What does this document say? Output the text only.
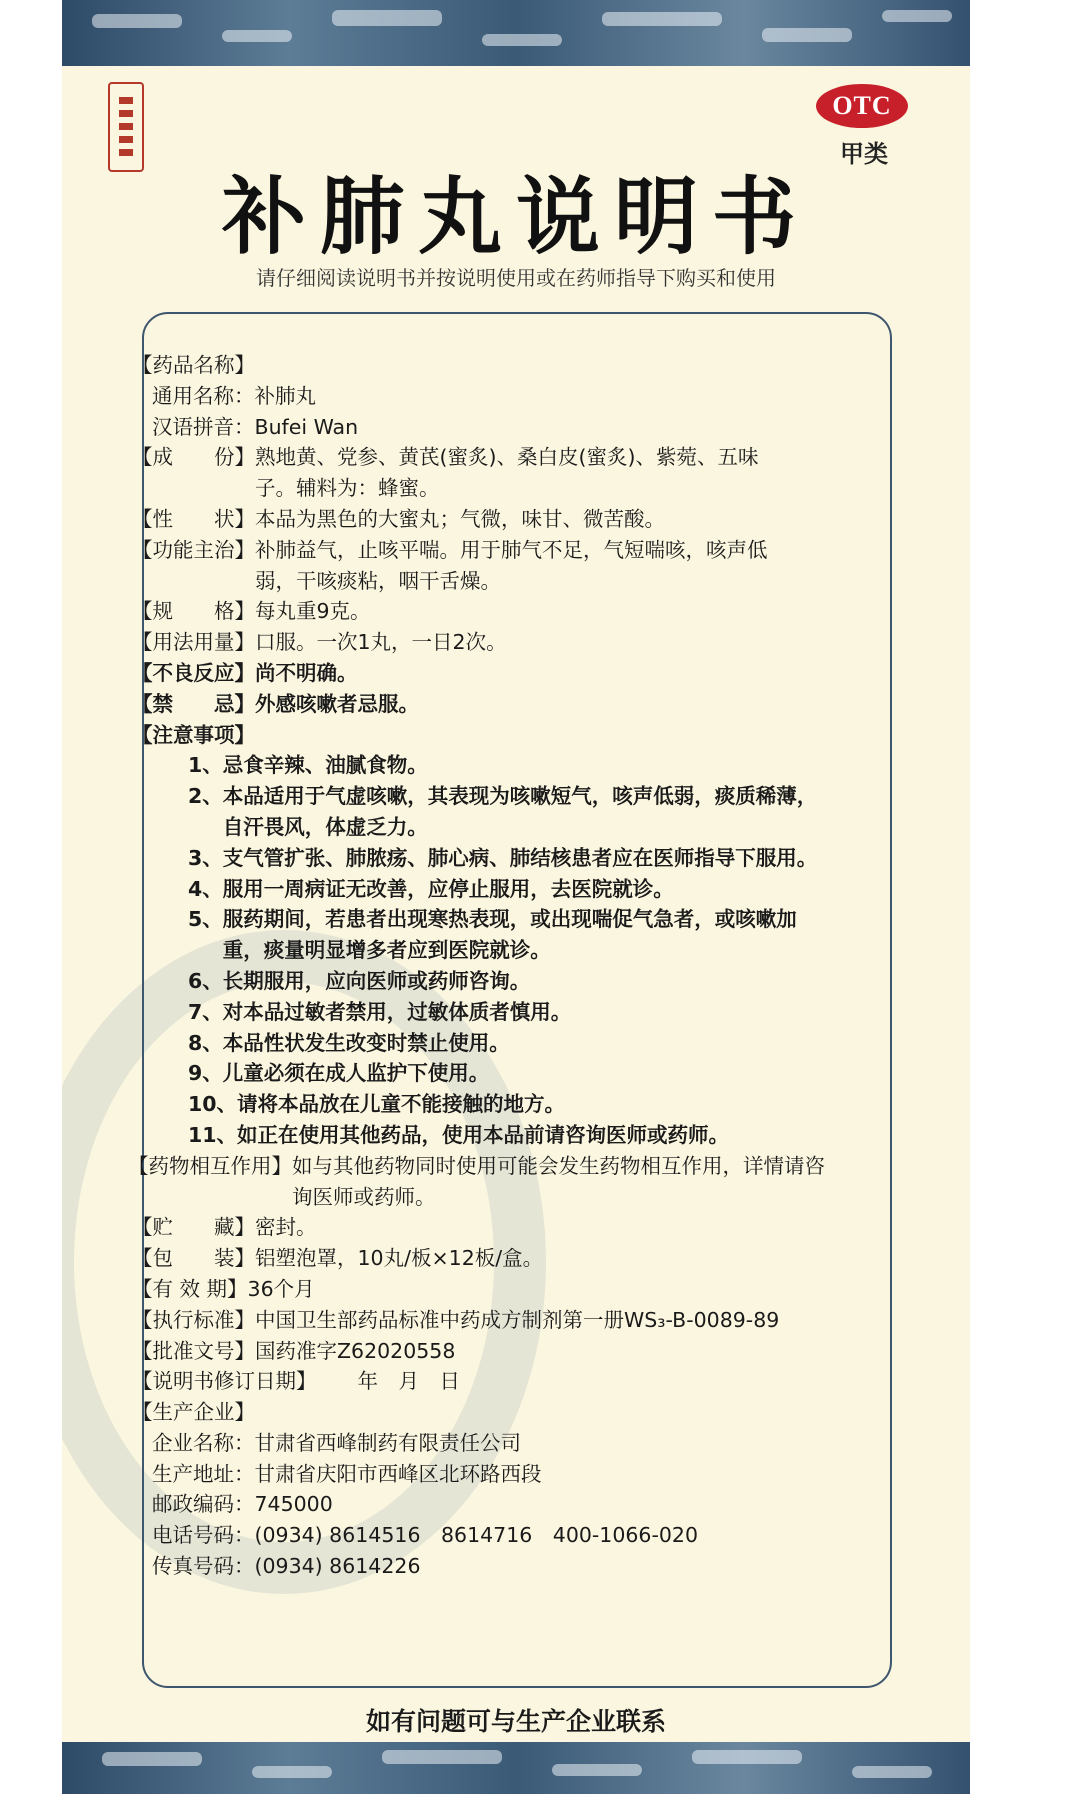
OTC
甲类
补肺丸说明书
请仔细阅读说明书并按说明使用或在药师指导下购买和使用
如有问题可与生产企业联系
【药品名称】
通用名称： 补肺丸
汉语拼音： Bufei Wan
【成　　份】 熟地黄、党参、黄芪(蜜炙)、桑白皮(蜜炙)、紫菀、五味子。辅料为：蜂蜜。
【性　　状】 本品为黑色的大蜜丸；气微，味甘、微苦酸。
【功能主治】 补肺益气，止咳平喘。用于肺气不足，气短喘咳，咳声低弱，干咳痰粘，咽干舌燥。
【规　　格】 每丸重9克。
【用法用量】 口服。一次1丸，一日2次。
【不良反应】 尚不明确。
【禁　　忌】 外感咳嗽者忌服。
【注意事项】
1、 忌食辛辣、油腻食物。
2、 本品适用于气虚咳嗽，其表现为咳嗽短气，咳声低弱，痰质稀薄，自汗畏风，体虚乏力。
3、 支气管扩张、肺脓疡、肺心病、肺结核患者应在医师指导下服用。
4、 服用一周病证无改善，应停止服用，去医院就诊。
5、 服药期间，若患者出现寒热表现，或出现喘促气急者，或咳嗽加重，痰量明显增多者应到医院就诊。
6、 长期服用，应向医师或药师咨询。
7、 对本品过敏者禁用，过敏体质者慎用。
8、 本品性状发生改变时禁止使用。
9、 儿童必须在成人监护下使用。
10、 请将本品放在儿童不能接触的地方。
11、 如正在使用其他药品，使用本品前请咨询医师或药师。
【药物相互作用】 如与其他药物同时使用可能会发生药物相互作用，详情请咨询医师或药师。
【贮　　藏】 密封。
【包　　装】 铝塑泡罩，10丸/板×12板/盒。
【有 效 期】 36个月
【执行标准】 中国卫生部药品标准中药成方制剂第一册WS₃-B-0089-89
【批准文号】 国药准字Z62020558
【说明书修订日期】 　　年　月　日
【生产企业】
企业名称： 甘肃省西峰制药有限责任公司
生产地址： 甘肃省庆阳市西峰区北环路西段
邮政编码： 745000
电话号码： (0934) 8614516　8614716　400-1066-020
传真号码： (0934) 8614226
